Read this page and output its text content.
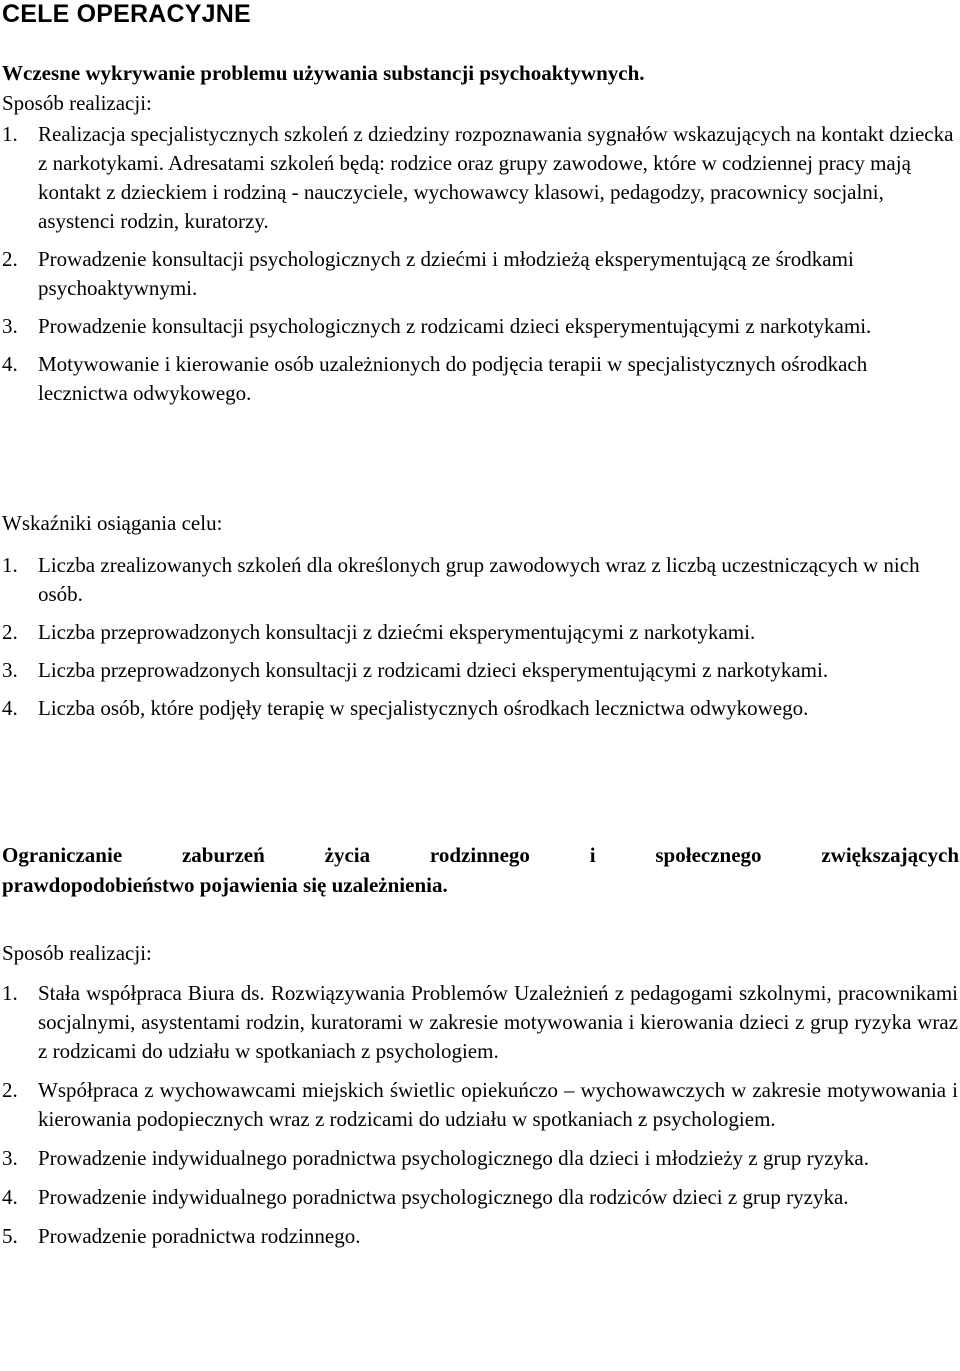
CELE OPERACYJNE

Wczesne wykrywanie problemu używania substancji psychoaktywnych.

Sposób realizacji:

1. Realizacja specjalistycznych szkoleń z dziedziny rozpoznawania sygnałów wskazujących na kontakt dziecka z narkotykami. Adresatami szkoleń będą: rodzice oraz grupy zawodowe, które w codziennej pracy mają kontakt z dzieckiem i rodziną - nauczyciele, wychowawcy klasowi, pedagodzy, pracownicy socjalni, asystenci rodzin, kuratorzy.
2. Prowadzenie konsultacji psychologicznych z dziećmi i młodzieżą eksperymentującą ze środkami psychoaktywnymi.
3. Prowadzenie konsultacji psychologicznych z rodzicami dzieci eksperymentującymi z narkotykami.
4. Motywowanie i kierowanie osób uzależnionych do podjęcia terapii w specjalistycznych ośrodkach lecznictwa odwykowego.

Wskaźniki osiągania celu:

1. Liczba zrealizowanych szkoleń dla określonych grup zawodowych wraz z liczbą uczestniczących w nich osób.
2. Liczba przeprowadzonych konsultacji z dziećmi eksperymentującymi z narkotykami.
3. Liczba przeprowadzonych konsultacji z rodzicami dzieci eksperymentującymi z narkotykami.
4. Liczba osób, które podjęły terapię w specjalistycznych ośrodkach lecznictwa odwykowego.

Ograniczanie zaburzeń życia rodzinnego i społecznego zwiększających
prawdopodobieństwo pojawienia się uzależnienia.

Sposób realizacji:

1. Stała współpraca Biura ds. Rozwiązywania Problemów Uzależnień z pedagogami szkolnymi, pracownikami socjalnymi, asystentami rodzin, kuratorami w zakresie motywowania i kierowania dzieci z grup ryzyka wraz z rodzicami do udziału w spotkaniach z psychologiem.
2. Współpraca z wychowawcami miejskich świetlic opiekuńczo – wychowawczych w zakresie motywowania i kierowania podopiecznych wraz z rodzicami do udziału w spotkaniach z psychologiem.
3. Prowadzenie indywidualnego poradnictwa psychologicznego dla dzieci i młodzieży z grup ryzyka.
4. Prowadzenie indywidualnego poradnictwa psychologicznego dla rodziców dzieci z grup ryzyka.
5. Prowadzenie poradnictwa rodzinnego.
